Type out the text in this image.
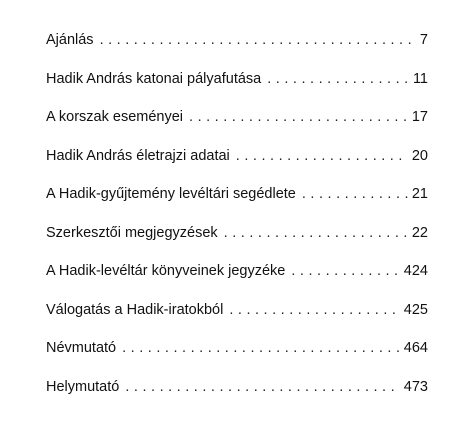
Ajánlás . . .	7
Hadik András katonai pályafutása . . .	11
A korszak eseményei . . .	17
Hadik András életrajzi adatai . . .	20
A Hadik-gyűjtemény levéltári segédlete . . .	21
Szerkesztői megjegyzések . . .	22
A Hadik-levéltár könyveinek jegyzéke . . .	424
Válogatás a Hadik-iratokból . . .	425
Névmutató . . .	464
Helymutató . . .	473
